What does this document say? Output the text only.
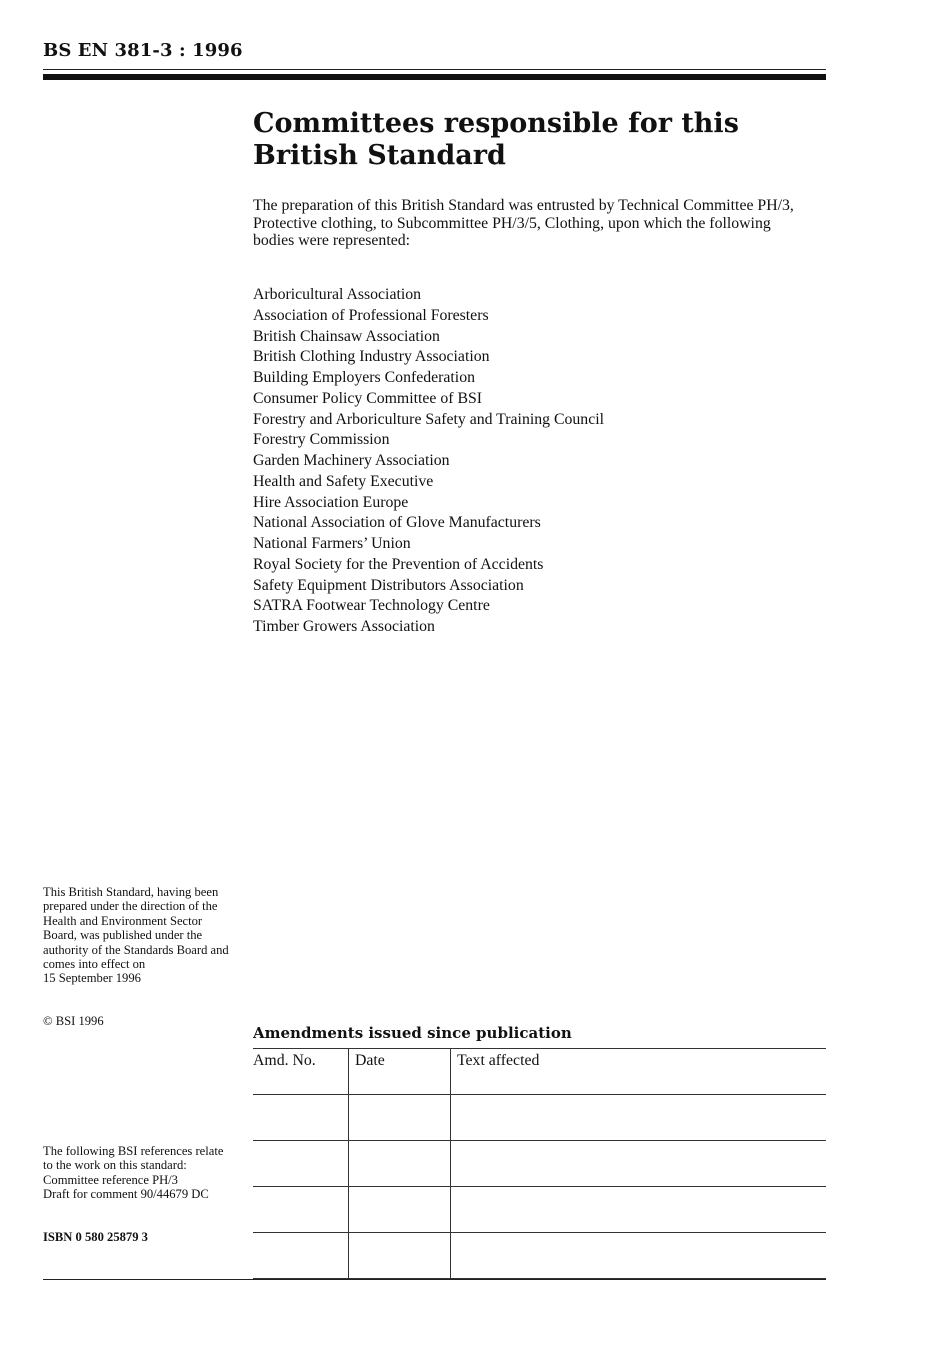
BS EN 381-3 : 1996
Committees responsible for this
British Standard

The preparation of this British Standard was entrusted by Technical Committee PH/3, Protective clothing, to Subcommittee PH/3/5, Clothing, upon which the following bodies were represented:

Arboricultural Association
Association of Professional Foresters
British Chainsaw Association
British Clothing Industry Association
Building Employers Confederation
Consumer Policy Committee of BSI
Forestry and Arboriculture Safety and Training Council
Forestry Commission
Garden Machinery Association
Health and Safety Executive
Hire Association Europe
National Association of Glove Manufacturers
National Farmers’ Union
Royal Society for the Prevention of Accidents
Safety Equipment Distributors Association
SATRA Footwear Technology Centre
Timber Growers Association
This British Standard, having been prepared under the direction of the Health and Environment Sector Board, was published under the authority of the Standards Board and comes into effect on
15 September 1996
© BSI 1996
The following BSI references relate to the work on this standard:
Committee reference PH/3
Draft for comment 90/44679 DC
ISBN 0 580 25879 3
Amendments issued since publication
Amd. No.	Date	Text affected
